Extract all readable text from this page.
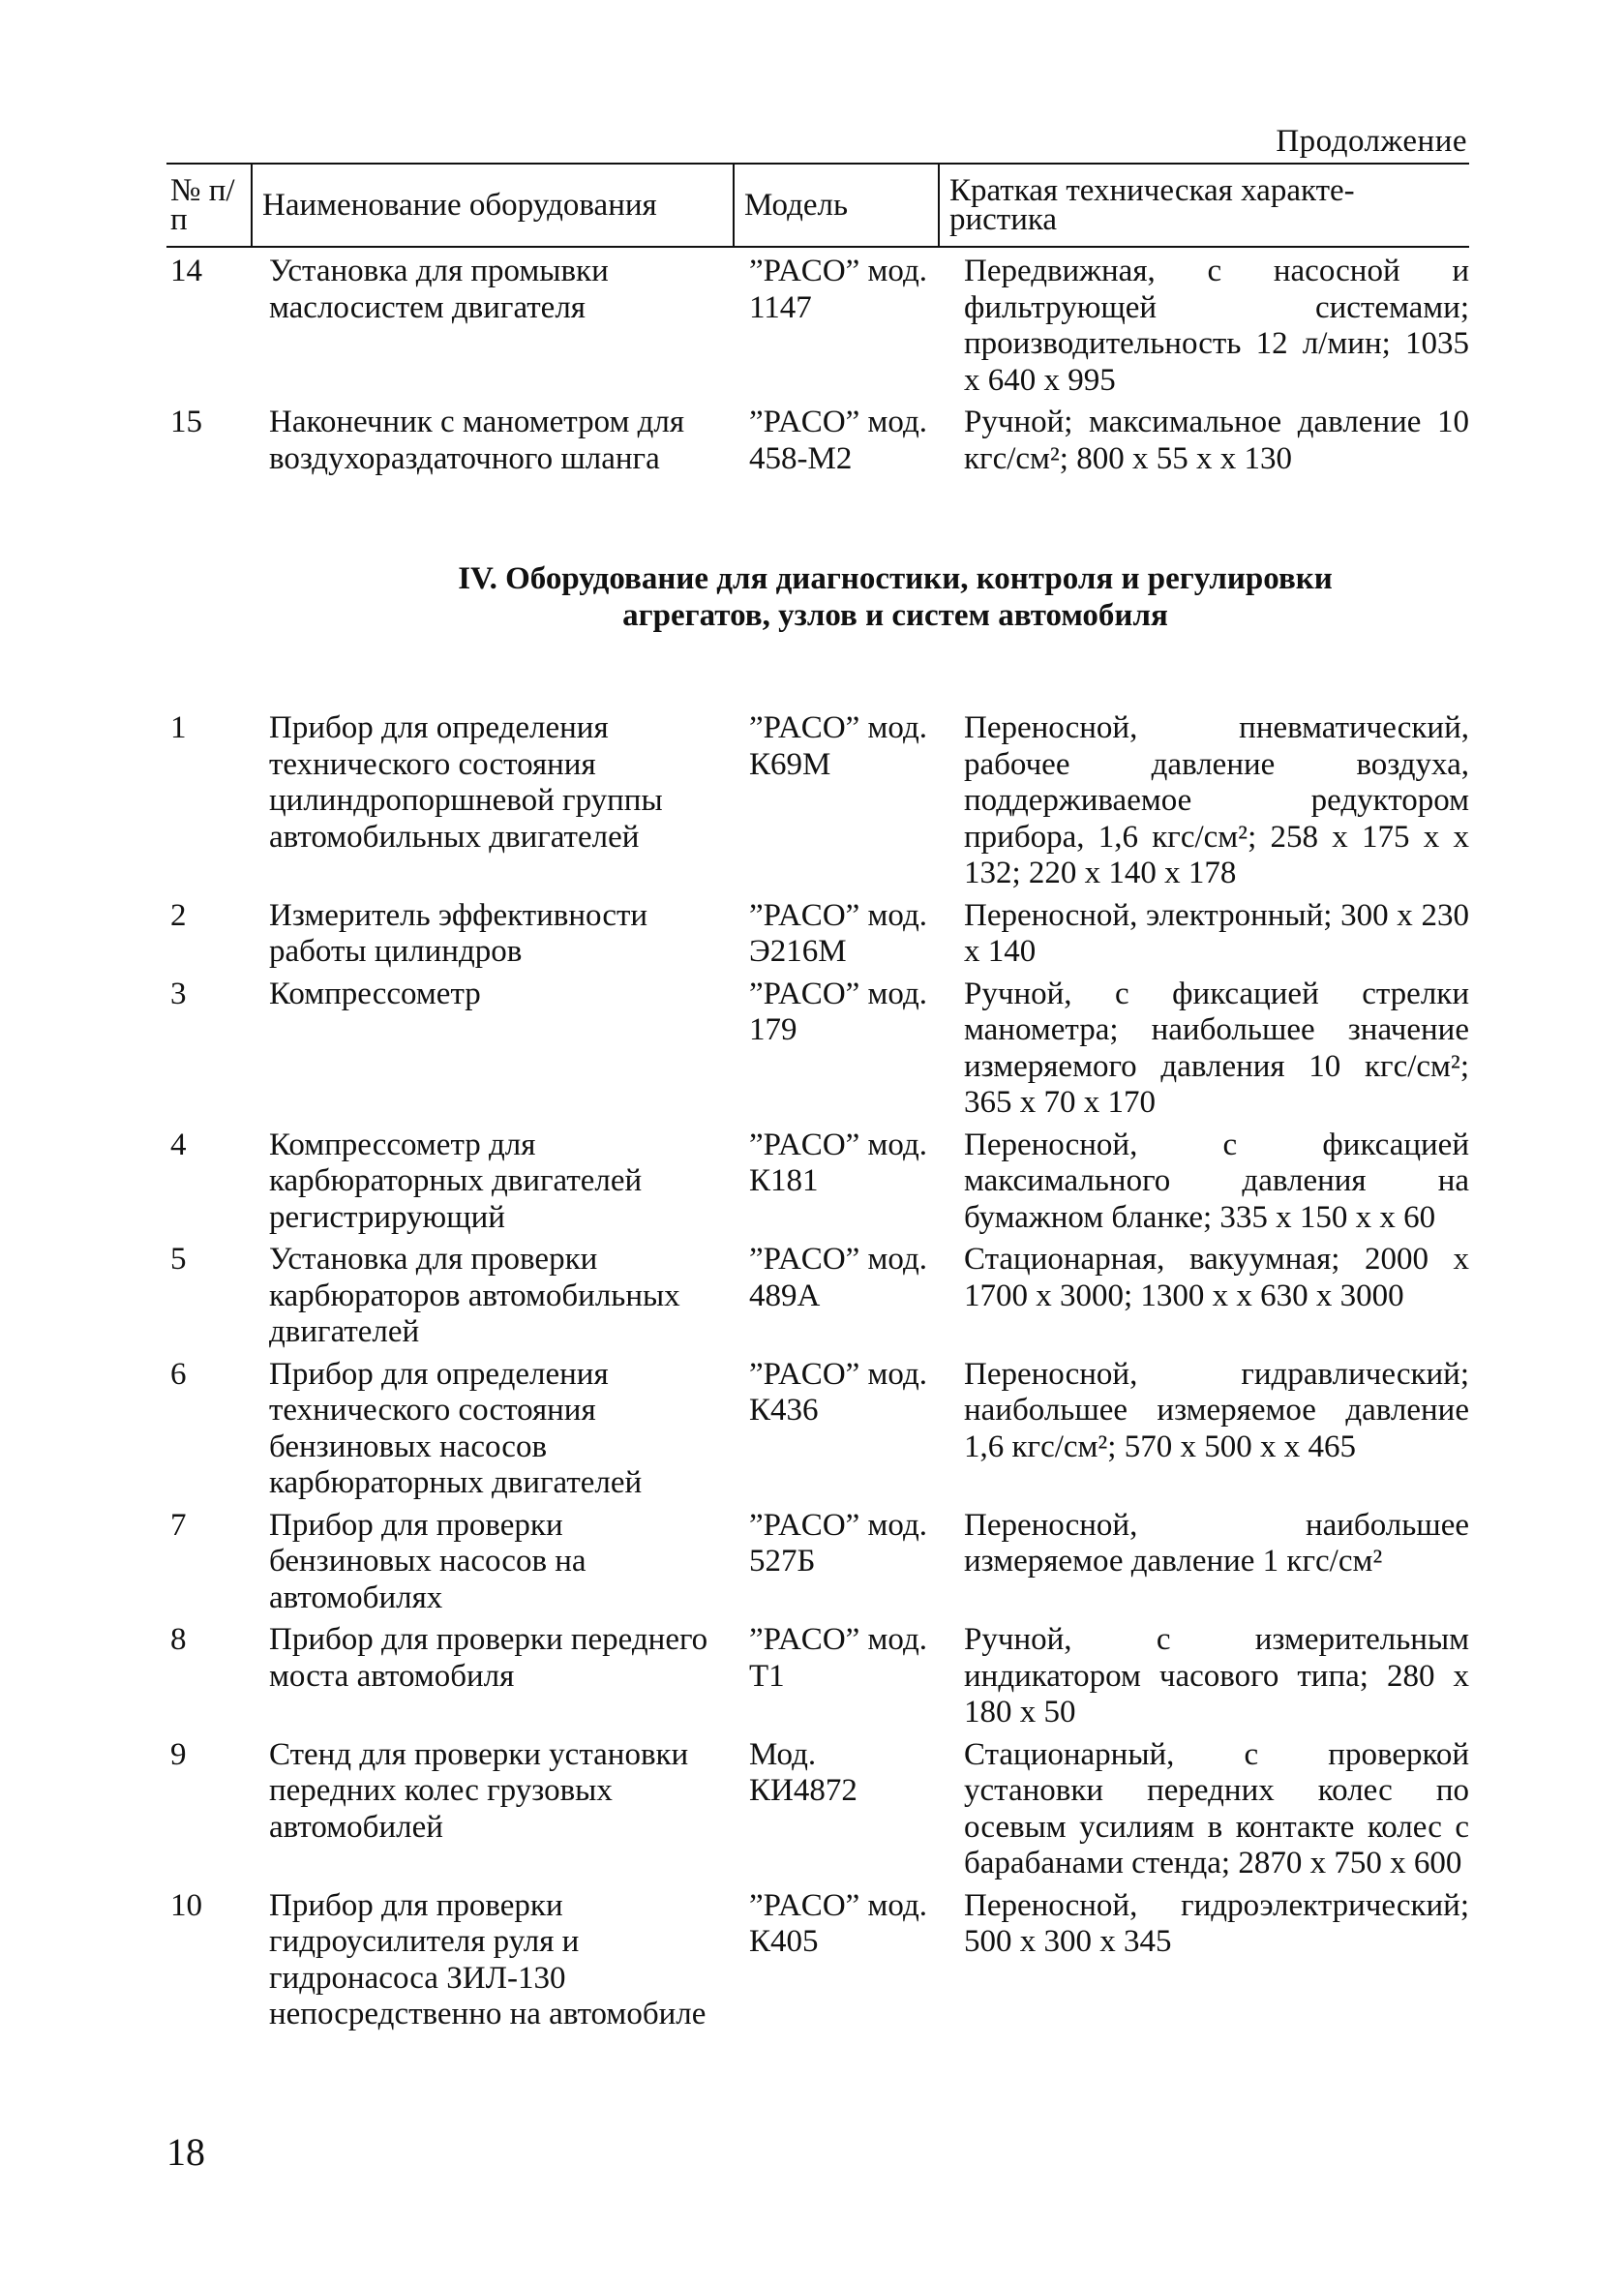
Продолжение
№ п/п	Наименование оборудования	Модель	Краткая техническая характе-ристика
14	Установка для промывки маслосистем двигателя	”PACO” мод. 1147	Передвижная, с насосной и фильтрующей системами; производительность 12 л/мин; 1035 x 640 x 995
15	Наконечник с манометром для воздухораздаточного шланга	”PACO” мод. 458-М2	Ручной; максимальное давление 10 кгс/см²; 800 x 55 x x 130
IV. Оборудование для диагностики, контроля и регулировки агрегатов, узлов и систем автомобиля
1	Прибор для определения технического состояния цилиндропоршневой группы автомобильных двигателей	”PACO” мод. К69М	Переносной, пневматический, рабочее давление воздуха, поддерживаемое редуктором прибора, 1,6 кгс/см²; 258 x 175 x x 132; 220 x 140 x 178
2	Измеритель эффективности работы цилиндров	”PACO” мод. Э216М	Переносной, электронный; 300 x 230 x 140
3	Компрессометр	”PACO” мод. 179	Ручной, с фиксацией стрелки манометра; наибольшее значение измеряемого давления 10 кгс/см²; 365 x 70 x 170
4	Компрессометр для карбюраторных двигателей регистрирующий	”PACO” мод. К181	Переносной, с фиксацией максимального давления на бумажном бланке; 335 x 150 x x 60
5	Установка для проверки карбюраторов автомобильных двигателей	”PACO” мод. 489А	Стационарная, вакуумная; 2000 x 1700 x 3000; 1300 x x 630 x 3000
6	Прибор для определения технического состояния бензиновых насосов карбюраторных двигателей	”PACO” мод. К436	Переносной, гидравлический; наибольшее измеряемое давление 1,6 кгс/см²; 570 x 500 x x 465
7	Прибор для проверки бензиновых насосов на автомобилях	”PACO” мод. 527Б	Переносной, наибольшее измеряемое давление 1 кгс/см²
8	Прибор для проверки переднего моста автомобиля	”PACO” мод. Т1	Ручной, с измерительным индикатором часового типа; 280 x 180 x 50
9	Стенд для проверки установки передних колес грузовых автомобилей	Мод. КИ4872	Стационарный, с проверкой установки передних колес по осевым усилиям в контакте колес с барабанами стенда; 2870 x 750 x 600
10	Прибор для проверки гидроусилителя руля и гидронасоса ЗИЛ-130 непосредственно на автомобиле	”PACO” мод. К405	Переносной, гидроэлектрический; 500 x 300 x 345
18
